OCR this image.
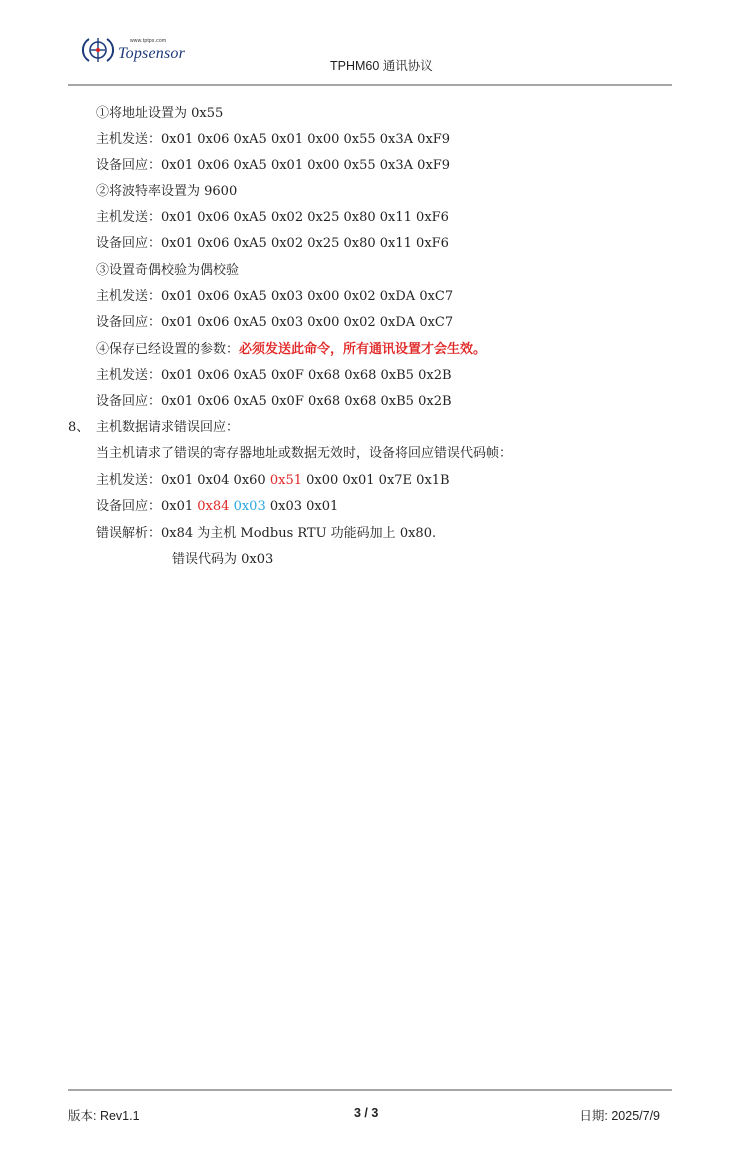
www.tptps.com
Topsensor
TPHM60 通讯协议
①将地址设置为 0x55
主机发送：0x01 0x06 0xA5 0x01 0x00 0x55 0x3A 0xF9
设备回应：0x01 0x06 0xA5 0x01 0x00 0x55 0x3A 0xF9
②将波特率设置为 9600
主机发送：0x01 0x06 0xA5 0x02 0x25 0x80 0x11 0xF6
设备回应：0x01 0x06 0xA5 0x02 0x25 0x80 0x11 0xF6
③设置奇偶校验为偶校验
主机发送：0x01 0x06 0xA5 0x03 0x00 0x02 0xDA 0xC7
设备回应：0x01 0x06 0xA5 0x03 0x00 0x02 0xDA 0xC7
④保存已经设置的参数：必须发送此命令，所有通讯设置才会生效。
主机发送：0x01 0x06 0xA5 0x0F 0x68 0x68 0xB5 0x2B
设备回应：0x01 0x06 0xA5 0x0F 0x68 0x68 0xB5 0x2B
8、 主机数据请求错误回应：
当主机请求了错误的寄存器地址或数据无效时，设备将回应错误代码帧：
主机发送：0x01 0x04 0x60 0x51 0x00 0x01 0x7E 0x1B
设备回应：0x01 0x84 0x03 0x03 0x01
错误解析：0x84 为主机 Modbus RTU 功能码加上 0x80.
错误代码为 0x03
版本: Rev1.1	3 / 3	日期: 2025/7/9
